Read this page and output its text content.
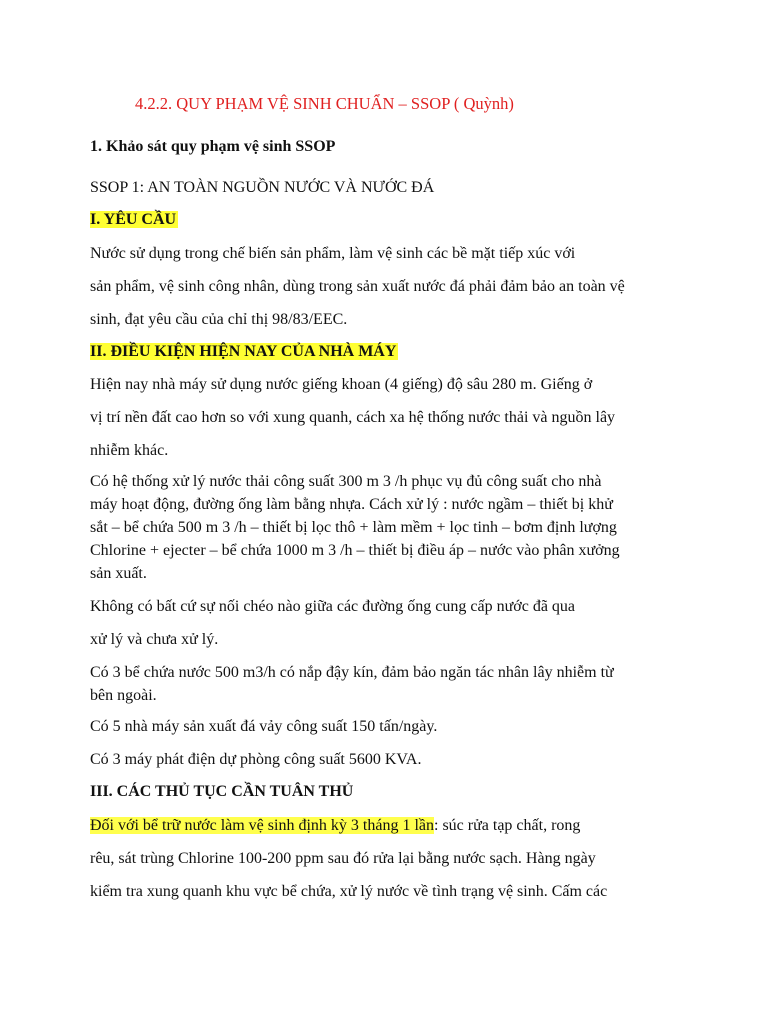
4.2.2. QUY PHẠM VỆ SINH CHUẨN – SSOP ( Quỳnh)
1. Khảo sát quy phạm vệ sinh SSOP
SSOP 1: AN TOÀN NGUỒN NƯỚC VÀ NƯỚC ĐÁ
I. YÊU CẦU
Nước sử dụng trong chế biến sản phẩm, làm vệ sinh các bề mặt tiếp xúc với
sản phẩm, vệ sinh công nhân, dùng trong sản xuất nước đá phải đảm bảo an toàn vệ
sinh, đạt yêu cầu của chỉ thị 98/83/EEC.
II. ĐIỀU KIỆN HIỆN NAY CỦA NHÀ MÁY
Hiện nay nhà máy sử dụng nước giếng khoan (4 giếng) độ sâu 280 m. Giếng ở
vị trí nền đất cao hơn so với xung quanh, cách xa hệ thống nước thải và nguồn lây
nhiễm khác.
Có hệ thống xử lý nước thải công suất 300 m 3 /h phục vụ đủ công suất cho nhà
máy hoạt động, đường ống làm bằng nhựa. Cách xử lý : nước ngầm – thiết bị khử
sắt – bể chứa 500 m 3 /h – thiết bị lọc thô + làm mềm + lọc tinh – bơm định lượng
Chlorine + ejecter – bể chứa 1000 m 3 /h – thiết bị điều áp – nước vào phân xưởng
sản xuất.
Không có bất cứ sự nối chéo nào giữa các đường ống cung cấp nước đã qua
xử lý và chưa xử lý.
Có 3 bể chứa nước 500 m3/h có nắp đậy kín, đảm bảo ngăn tác nhân lây nhiễm từ
bên ngoài.
Có 5 nhà máy sản xuất đá vảy công suất 150 tấn/ngày.
Có 3 máy phát điện dự phòng công suất 5600 KVA.
III. CÁC THỦ TỤC CẦN TUÂN THỦ
Đối với bể trữ nước làm vệ sinh định kỳ 3 tháng 1 lần: súc rửa tạp chất, rong
rêu, sát trùng Chlorine 100-200 ppm sau đó rửa lại bằng nước sạch. Hàng ngày
kiểm tra xung quanh khu vực bể chứa, xử lý nước về tình trạng vệ sinh. Cấm các
